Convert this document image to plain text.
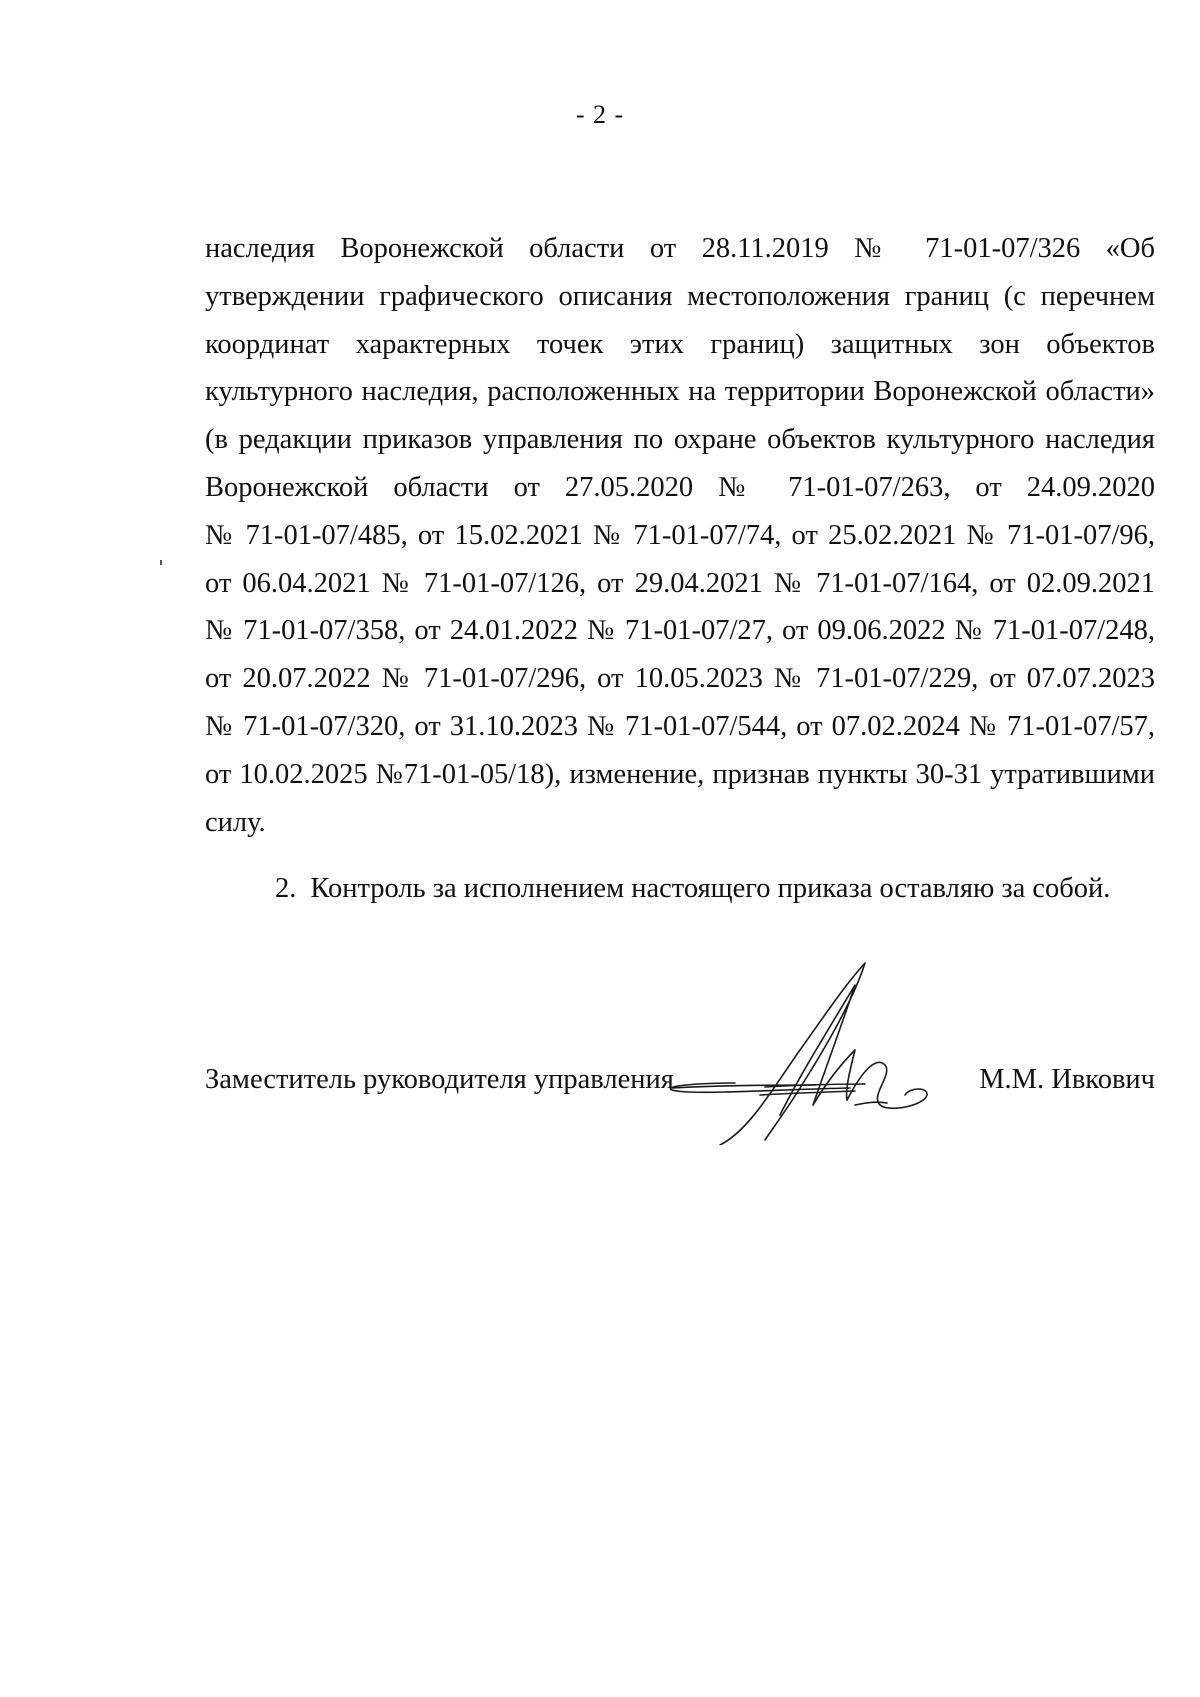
- 2 -
наследия Воронежской области от 28.11.2019 № 71-01-07/326 «Об
утверждении графического описания местоположения границ (с перечнем
координат характерных точек этих границ) защитных зон объектов
культурного наследия, расположенных на территории Воронежской области»
(в редакции приказов управления по охране объектов культурного наследия
Воронежской области от 27.05.2020 № 71-01-07/263, от 24.09.2020
№ 71-01-07/485, от 15.02.2021 № 71-01-07/74, от 25.02.2021 № 71-01-07/96,
от 06.04.2021 № 71-01-07/126, от 29.04.2021 № 71-01-07/164, от 02.09.2021
№ 71-01-07/358, от 24.01.2022 № 71-01-07/27, от 09.06.2022 № 71-01-07/248,
от 20.07.2022 № 71-01-07/296, от 10.05.2023 № 71-01-07/229, от 07.07.2023
№ 71-01-07/320, от 31.10.2023 № 71-01-07/544, от 07.02.2024 № 71-01-07/57,
от 10.02.2025 №71-01-05/18), изменение, признав пункты 30-31 утратившими
силу.
2. Контроль за исполнением настоящего приказа оставляю за собой.
Заместитель руководителя управления	М.М. Ивкович
